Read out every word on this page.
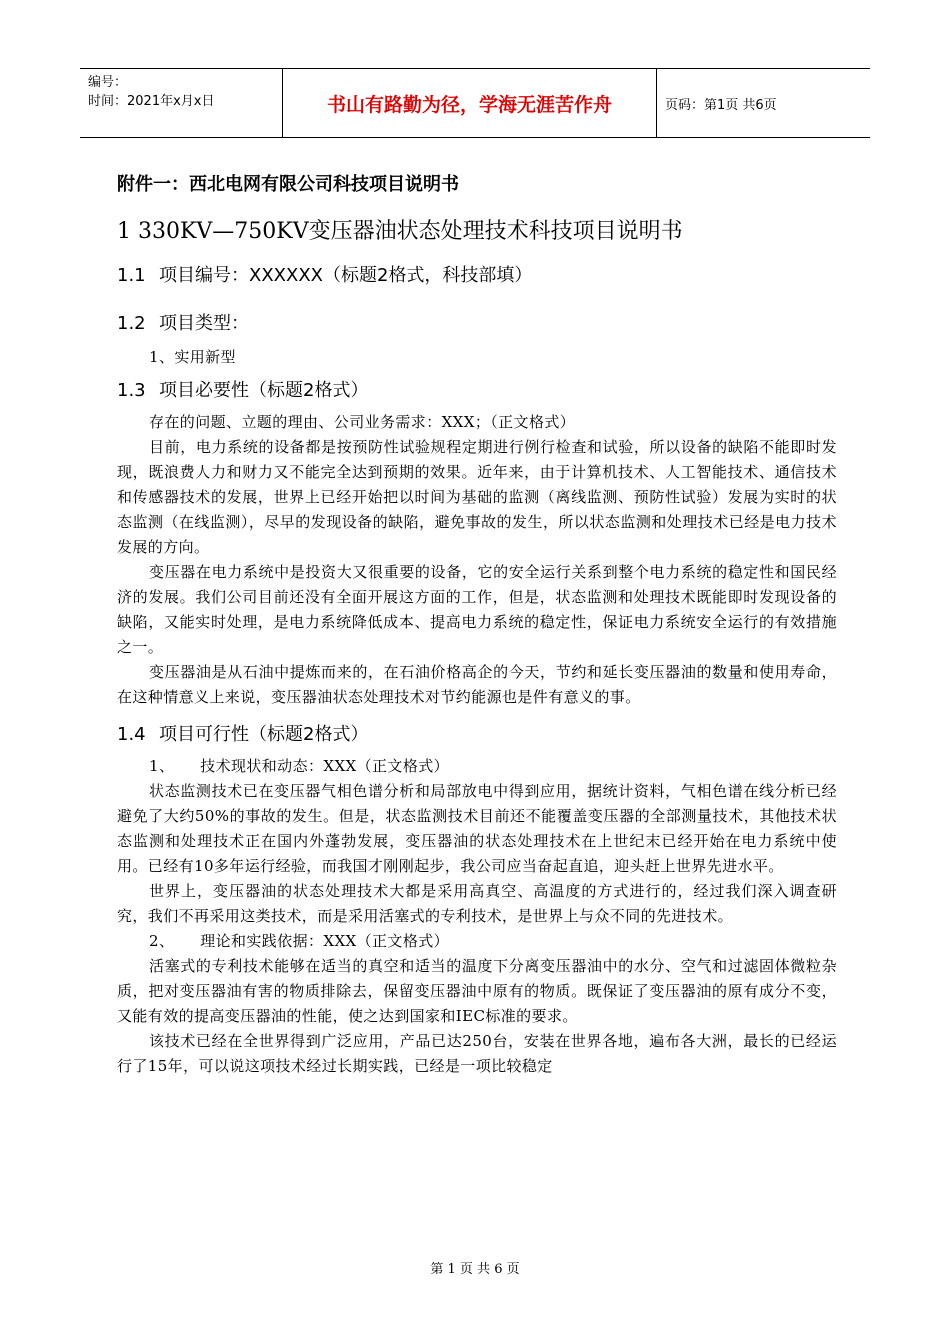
编号：
时间：2021年x月x日	书山有路勤为径，学海无涯苦作舟	页码：第1页 共6页
附件一：西北电网有限公司科技项目说明书
1 330KV—750KV变压器油状态处理技术科技项目说明书
1.1 项目编号：XXXXXX（标题2格式，科技部填）
1.2 项目类型：

1、实用新型

1.3 项目必要性（标题2格式）

存在的问题、立题的理由、公司业务需求：XXX；（正文格式）

目前，电力系统的设备都是按预防性试验规程定期进行例行检查和试验，所以设备的缺陷不能即时发现，既浪费人力和财力又不能完全达到预期的效果。近年来，由于计算机技术、人工智能技术、通信技术和传感器技术的发展，世界上已经开始把以时间为基础的监测（离线监测、预防性试验）发展为实时的状态监测（在线监测），尽早的发现设备的缺陷，避免事故的发生，所以状态监测和处理技术已经是电力技术发展的方向。

变压器在电力系统中是投资大又很重要的设备，它的安全运行关系到整个电力系统的稳定性和国民经济的发展。我们公司目前还没有全面开展这方面的工作，但是，状态监测和处理技术既能即时发现设备的缺陷，又能实时处理，是电力系统降低成本、提高电力系统的稳定性，保证电力系统安全运行的有效措施之一。

变压器油是从石油中提炼而来的，在石油价格高企的今天，节约和延长变压器油的数量和使用寿命，在这种情意义上来说，变压器油状态处理技术对节约能源也是件有意义的事。

1.4 项目可行性（标题2格式）

1、     技术现状和动态：XXX（正文格式）

状态监测技术已在变压器气相色谱分析和局部放电中得到应用，据统计资料，气相色谱在线分析已经避免了大约50%的事故的发生。但是，状态监测技术目前还不能覆盖变压器的全部测量技术，其他技术状态监测和处理技术正在国内外蓬勃发展，变压器油的状态处理技术在上世纪末已经开始在电力系统中使用。已经有10多年运行经验，而我国才刚刚起步，我公司应当奋起直追，迎头赶上世界先进水平。

世界上，变压器油的状态处理技术大都是采用高真空、高温度的方式进行的，经过我们深入调查研究，我们不再采用这类技术，而是采用活塞式的专利技术，是世界上与众不同的先进技术。

2、     理论和实践依据：XXX（正文格式）

活塞式的专利技术能够在适当的真空和适当的温度下分离变压器油中的水分、空气和过滤固体微粒杂质，把对变压器油有害的物质排除去，保留变压器油中原有的物质。既保证了变压器油的原有成分不变，又能有效的提高变压器油的性能，使之达到国家和IEC标准的要求。

该技术已经在全世界得到广泛应用，产品已达250台，安装在世界各地，遍布各大洲，最长的已经运行了15年，可以说这项技术经过长期实践，已经是一项比较稳定

第 1 页 共 6 页
